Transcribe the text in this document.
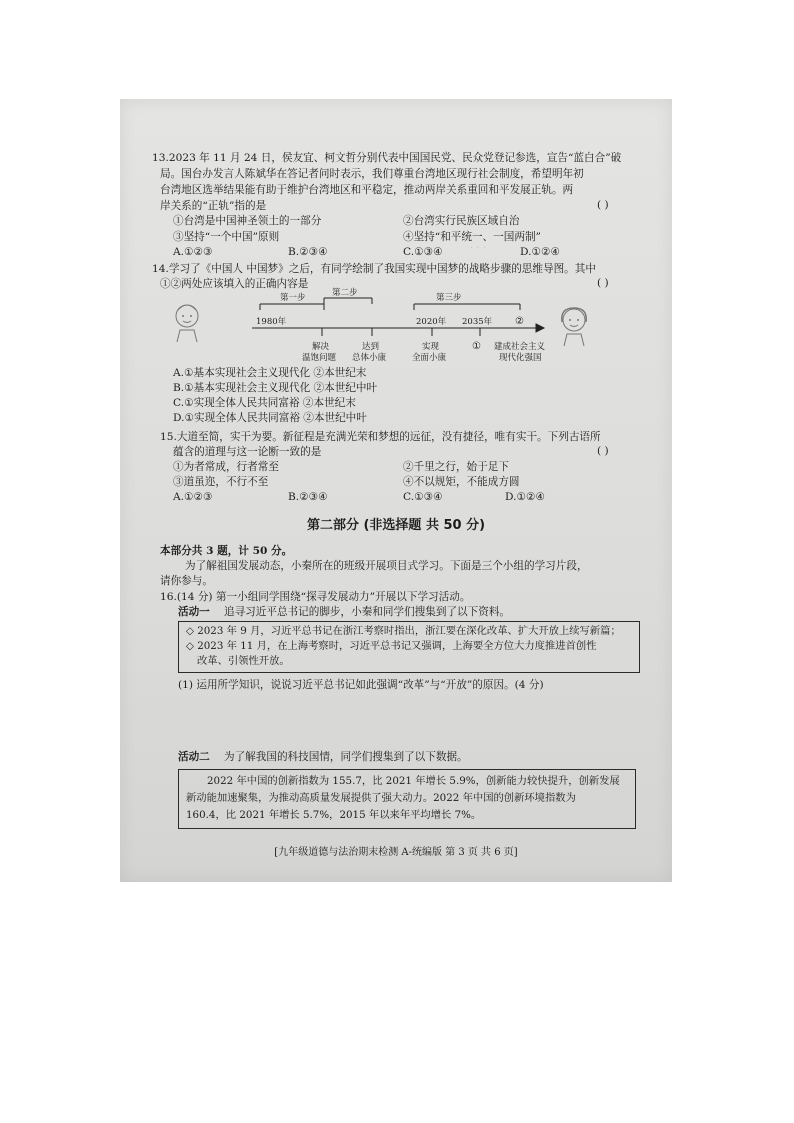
· · ·
13.2023 年 11 月 24 日，侯友宜、柯文哲分别代表中国国民党、民众党登记参选，宣告“蓝白合”破
局。国台办发言人陈斌华在答记者问时表示，我们尊重台湾地区现行社会制度，希望明年初
台湾地区选举结果能有助于维护台湾地区和平稳定，推动两岸关系重回和平发展正轨。两
岸关系的“正轨”指的是	( )
①台湾是中国神圣领土的一部分	②台湾实行民族区域自治
③坚持“一个中国”原则	④坚持“和平统一、一国两制”
A.①②③	B.②③④	C.①③④	D.①②④
14.学习了《中国人 中国梦》之后，有同学绘制了我国实现中国梦的战略步骤的思维导图。其中
①②两处应该填入的正确内容是	( )
第一步	第二步	第三步
1980年	2020年 2035年 ②
解决
温饱问题
达到
总体小康
实现
全面小康
① 建成社会主义
现代化强国
A.①基本实现社会主义现代化 ②本世纪末
B.①基本实现社会主义现代化 ②本世纪中叶
C.①实现全体人民共同富裕 ②本世纪末
D.①实现全体人民共同富裕 ②本世纪中叶
15.大道至简，实干为要。新征程是充满光荣和梦想的远征，没有捷径，唯有实干。下列古语所
蕴含的道理与这一论断一致的是	( )
①为者常成，行者常至	②千里之行，始于足下
③道虽迩，不行不至	④不以规矩，不能成方圆
A.①②③	B.②③④	C.①③④	D.①②④
第二部分 (非选择题 共 50 分)
本部分共 3 题，计 50 分。
为了解祖国发展动态，小秦所在的班级开展项目式学习。下面是三个小组的学习片段，
请你参与。
16.(14 分) 第一小组同学围绕“探寻发展动力”开展以下学习活动。
活动一 追寻习近平总书记的脚步，小秦和同学们搜集到了以下资料。
◇ 2023 年 9 月，习近平总书记在浙江考察时指出，浙江要在深化改革、扩大开放上续写新篇；
◇ 2023 年 11 月，在上海考察时，习近平总书记又强调，上海要全方位大力度推进首创性
改革、引领性开放。
(1) 运用所学知识，说说习近平总书记如此强调“改革”与“开放”的原因。(4 分)
活动二 为了解我国的科技国情，同学们搜集到了以下数据。
2022 年中国的创新指数为 155.7，比 2021 年增长 5.9%，创新能力较快提升，创新发展
新动能加速聚集，为推动高质量发展提供了强大动力。2022 年中国的创新环境指数为
160.4，比 2021 年增长 5.7%，2015 年以来年平均增长 7%。
[九年级道德与法治期末检测 A-统编版 第 3 页 共 6 页]
